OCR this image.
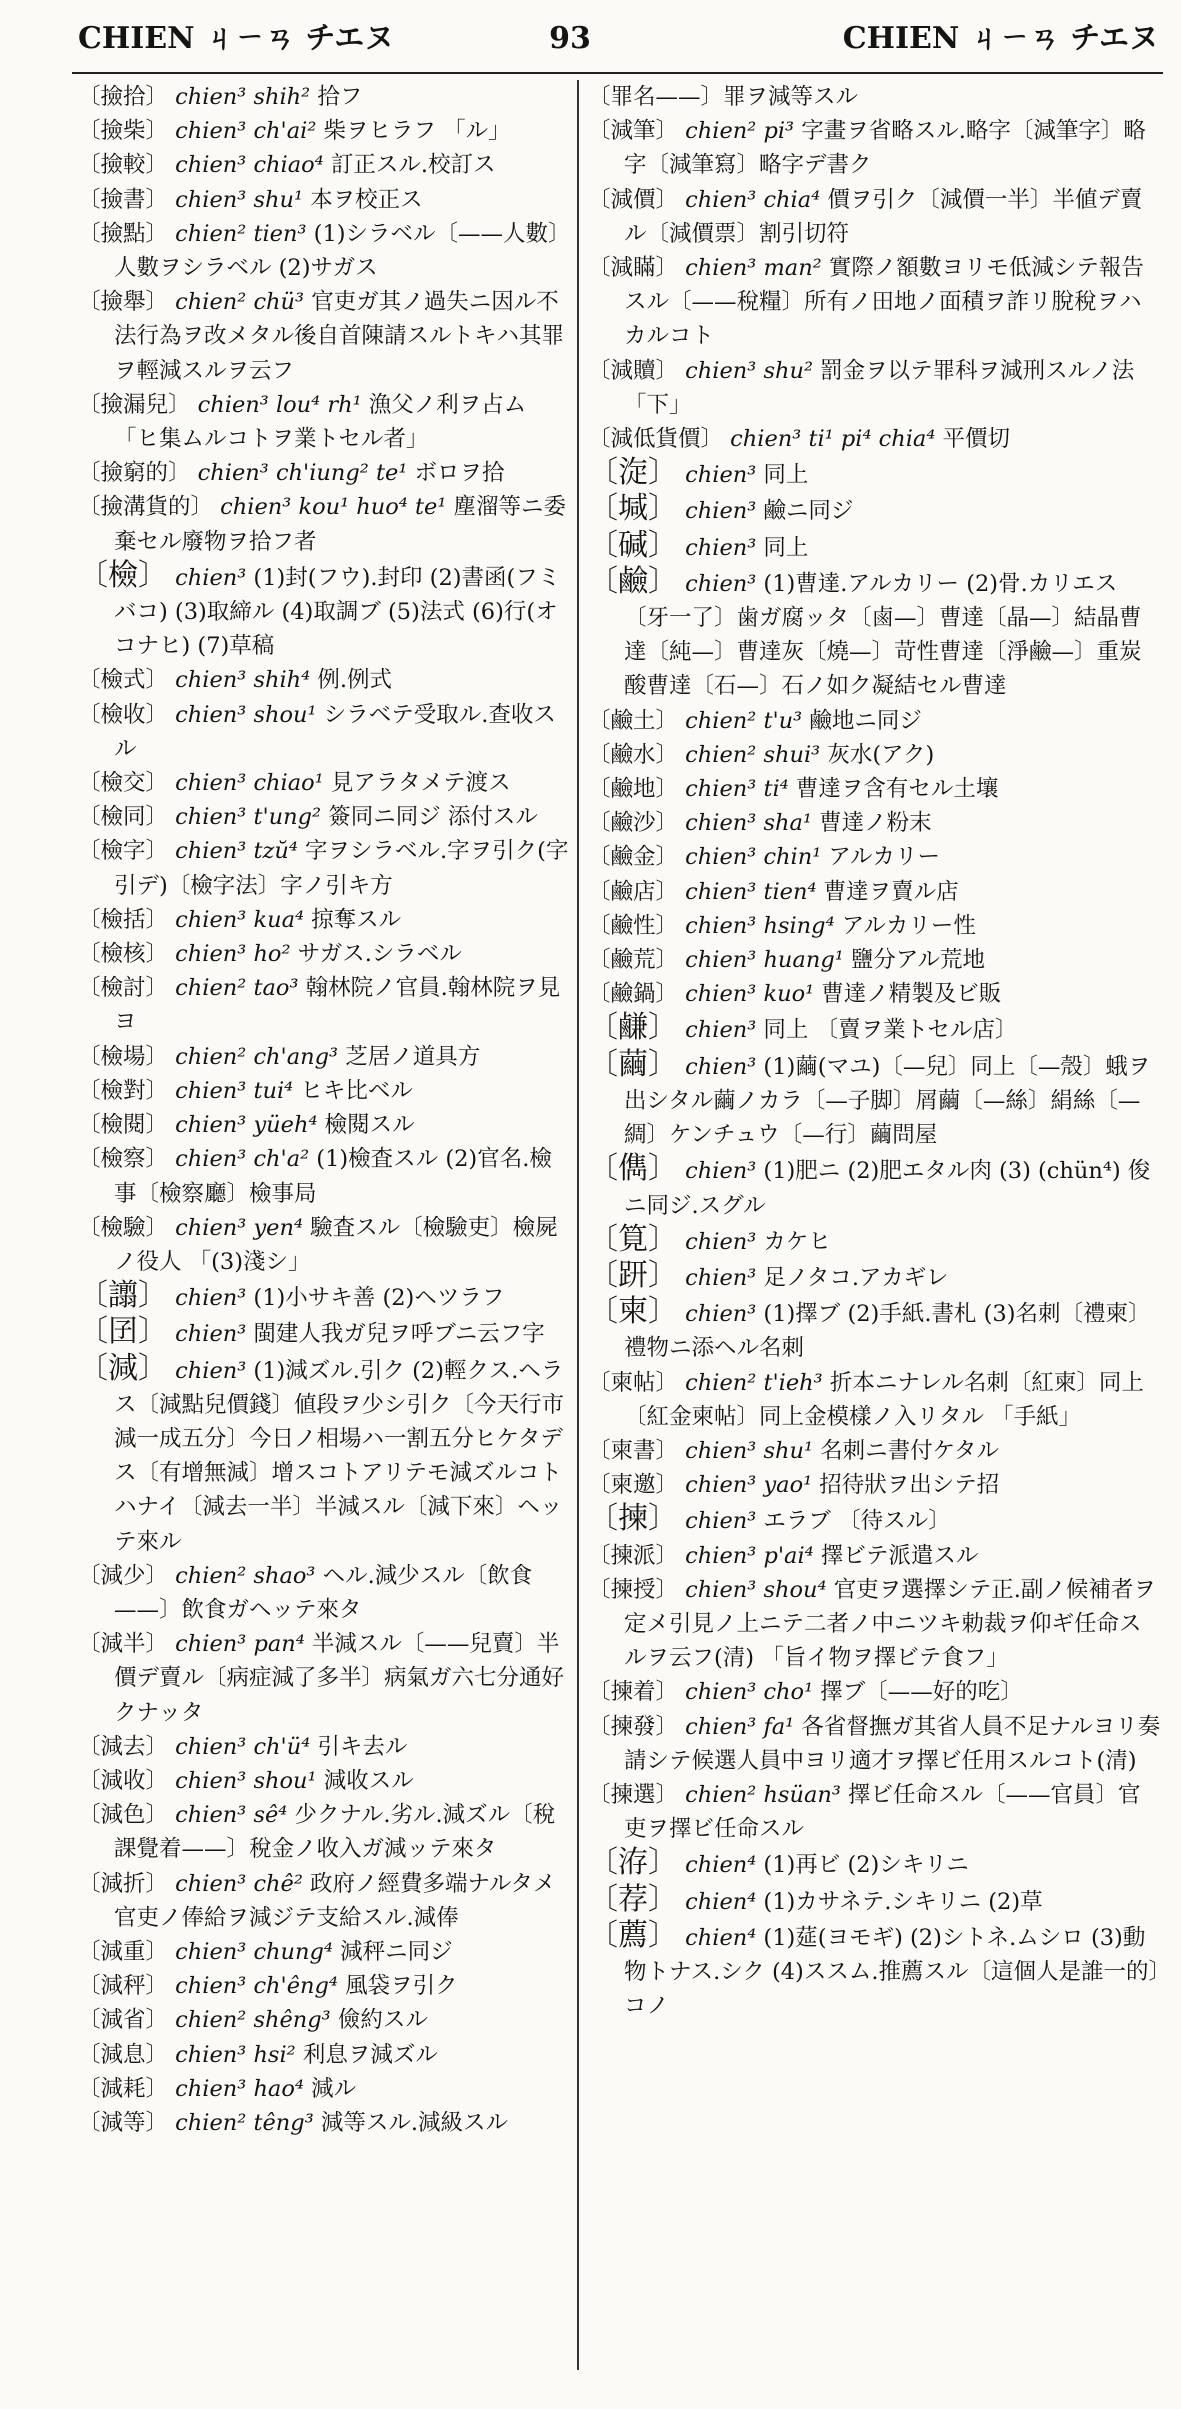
CHIEN ㄐㄧㄢ チエヌ	93	CHIEN ㄐㄧㄢ チエヌ

〔撿拾〕 chien³ shih² 拾フ

〔撿柴〕 chien³ ch'ai² 柴ヲヒラフ 「ル」

〔撿較〕 chien³ chiao⁴ 訂正スル.校訂ス

〔撿書〕 chien³ shu¹ 本ヲ校正ス

〔撿點〕 chien² tien³ (1)シラベル〔——人數〕人數ヲシラベル (2)サガス

〔撿舉〕 chien² chü³ 官吏ガ其ノ過失ニ因ル不法行為ヲ改メタル後自首陳請スルトキハ其罪ヲ輕減スルヲ云フ

〔撿漏兒〕 chien³ lou⁴ rh¹ 漁父ノ利ヲ占ム 「ヒ集ムルコトヲ業トセル者」

〔撿窮的〕 chien³ ch'iung² te¹ ボロヲ拾

〔撿溝貨的〕 chien³ kou¹ huo⁴ te¹ 塵溜等ニ委棄セル廢物ヲ拾フ者

〔檢〕 chien³ (1)封(フウ).封印 (2)書函(フミバコ) (3)取締ル (4)取調ブ (5)法式 (6)行(オコナヒ) (7)草稿

〔檢式〕 chien³ shih⁴ 例.例式

〔檢收〕 chien³ shou¹ シラベテ受取ル.查收スル

〔檢交〕 chien³ chiao¹ 見アラタメテ渡ス

〔檢同〕 chien³ t'ung² 簽同ニ同ジ 添付スル

〔檢字〕 chien³ tzŭ⁴ 字ヲシラベル.字ヲ引ク(字引デ)〔檢字法〕字ノ引キ方

〔檢括〕 chien³ kua⁴ 掠奪スル

〔檢核〕 chien³ ho² サガス.シラベル

〔檢討〕 chien² tao³ 翰林院ノ官員.翰林院ヲ見ヨ

〔檢場〕 chien² ch'ang³ 芝居ノ道具方

〔檢對〕 chien³ tui⁴ ヒキ比ベル

〔檢閱〕 chien³ yüeh⁴ 檢閱スル

〔檢察〕 chien³ ch'a² (1)檢査スル (2)官名.檢事〔檢察廳〕檢事局

〔檢驗〕 chien³ yen⁴ 驗査スル〔檢驗吏〕檢屍ノ役人 「(3)淺シ」

〔譾〕 chien³ (1)小サキ善 (2)ヘツラフ

〔囝〕 chien³ 閩建人我ガ兒ヲ呼ブニ云フ字

〔減〕 chien³ (1)減ズル.引ク (2)輕クス.ヘラス〔減點兒價錢〕値段ヲ少シ引ク〔今天行市減一成五分〕今日ノ相場ハ一割五分ヒケタデス〔有增無減〕增スコトアリテモ減ズルコトハナイ〔減去一半〕半減スル〔減下來〕ヘッテ來ル

〔減少〕 chien² shao³ ヘル.減少スル〔飲食——〕飲食ガヘッテ來タ

〔減半〕 chien³ pan⁴ 半減スル〔——兒賣〕半價デ賣ル〔病症減了多半〕病氣ガ六七分通好クナッタ

〔減去〕 chien³ ch'ü⁴ 引キ去ル

〔減收〕 chien³ shou¹ 減收スル

〔減色〕 chien³ sê⁴ 少クナル.劣ル.減ズル〔稅課覺着——〕稅金ノ收入ガ減ッテ來タ

〔減折〕 chien³ chê² 政府ノ經費多端ナルタメ官吏ノ俸給ヲ減ジテ支給スル.減俸

〔減重〕 chien³ chung⁴ 減秤ニ同ジ

〔減秤〕 chien³ ch'êng⁴ 風袋ヲ引ク

〔減省〕 chien² shêng³ 儉約スル

〔減息〕 chien³ hsi² 利息ヲ減ズル

〔減耗〕 chien³ hao⁴ 減ル

〔減等〕 chien² têng³ 減等スル.減級スル

〔罪名——〕罪ヲ減等スル

〔減筆〕 chien² pi³ 字畫ヲ省略スル.略字〔減筆字〕略字〔減筆寫〕略字デ書ク

〔減價〕 chien³ chia⁴ 價ヲ引ク〔減價一半〕半値デ賣ル〔減價票〕割引切符

〔減瞞〕 chien³ man² 實際ノ額數ヨリモ低減シテ報告スル〔——稅糧〕所有ノ田地ノ面積ヲ詐リ脫稅ヲハカルコト

〔減贖〕 chien³ shu² 罰金ヲ以テ罪科ヲ減刑スルノ法 「下」

〔減低貨價〕 chien³ ti¹ pi⁴ chia⁴ 平價切

〔㳬〕 chien³ 同上

〔堿〕 chien³ 鹼ニ同ジ

〔碱〕 chien³ 同上

〔鹼〕 chien³ (1)曹達.アルカリー (2)骨.カリエス〔牙一了〕歯ガ腐ッタ〔鹵—〕曹達〔晶—〕結晶曹達〔純—〕曹達灰〔燒—〕苛性曹達〔淨鹼—〕重炭酸曹達〔石—〕石ノ如ク凝結セル曹達

〔鹼土〕 chien² t'u³ 鹼地ニ同ジ

〔鹼水〕 chien² shui³ 灰水(アク)

〔鹼地〕 chien³ ti⁴ 曹達ヲ含有セル土壤

〔鹼沙〕 chien³ sha¹ 曹達ノ粉末

〔鹼金〕 chien³ chin¹ アルカリー

〔鹼店〕 chien³ tien⁴ 曹達ヲ賣ル店

〔鹼性〕 chien³ hsing⁴ アルカリー性

〔鹼荒〕 chien³ huang¹ 鹽分アル荒地

〔鹼鍋〕 chien³ kuo¹ 曹達ノ精製及ビ販

〔鹻〕 chien³ 同上 〔賣ヲ業トセル店〕

〔繭〕 chien³ (1)繭(マユ)〔—兒〕同上〔—殼〕蛾ヲ出シタル繭ノカラ〔—子脚〕屑繭〔—絲〕絹絲〔—綢〕ケンチュウ〔—行〕繭問屋

〔儁〕 chien³ (1)肥ニ (2)肥エタル肉 (3) (chün⁴) 俊ニ同ジ.スグル

〔筧〕 chien³ カケヒ

〔趼〕 chien³ 足ノタコ.アカギレ

〔柬〕 chien³ (1)擇ブ (2)手紙.書札 (3)名刺〔禮柬〕禮物ニ添ヘル名刺

〔柬帖〕 chien² t'ieh³ 折本ニナレル名刺〔紅柬〕同上〔紅金柬帖〕同上金模樣ノ入リタル 「手紙」

〔柬書〕 chien³ shu¹ 名刺ニ書付ケタル

〔柬邀〕 chien³ yao¹ 招待狀ヲ出シテ招

〔揀〕 chien³ エラブ 〔待スル〕

〔揀派〕 chien³ p'ai⁴ 擇ビテ派遣スル

〔揀授〕 chien³ shou⁴ 官吏ヲ選擇シテ正.副ノ候補者ヲ定メ引見ノ上ニテ二者ノ中ニツキ勅裁ヲ仰ギ任命スルヲ云フ(清) 「旨イ物ヲ擇ビテ食フ」

〔揀着〕 chien³ cho¹ 擇ブ〔——好的吃〕

〔揀發〕 chien³ fa¹ 各省督撫ガ其省人員不足ナルヨリ奏請シテ候選人員中ヨリ適才ヲ擇ビ任用スルコト(清)

〔揀選〕 chien² hsüan³ 擇ビ任命スル〔——官員〕官吏ヲ擇ビ任命スル

〔洊〕 chien⁴ (1)再ビ (2)シキリニ

〔荐〕 chien⁴ (1)カサネテ.シキリニ (2)草

〔薦〕 chien⁴ (1)莚(ヨモギ) (2)シトネ.ムシロ (3)動物トナス.シク (4)ススム.推薦スル〔這個人是誰一的〕コノ
